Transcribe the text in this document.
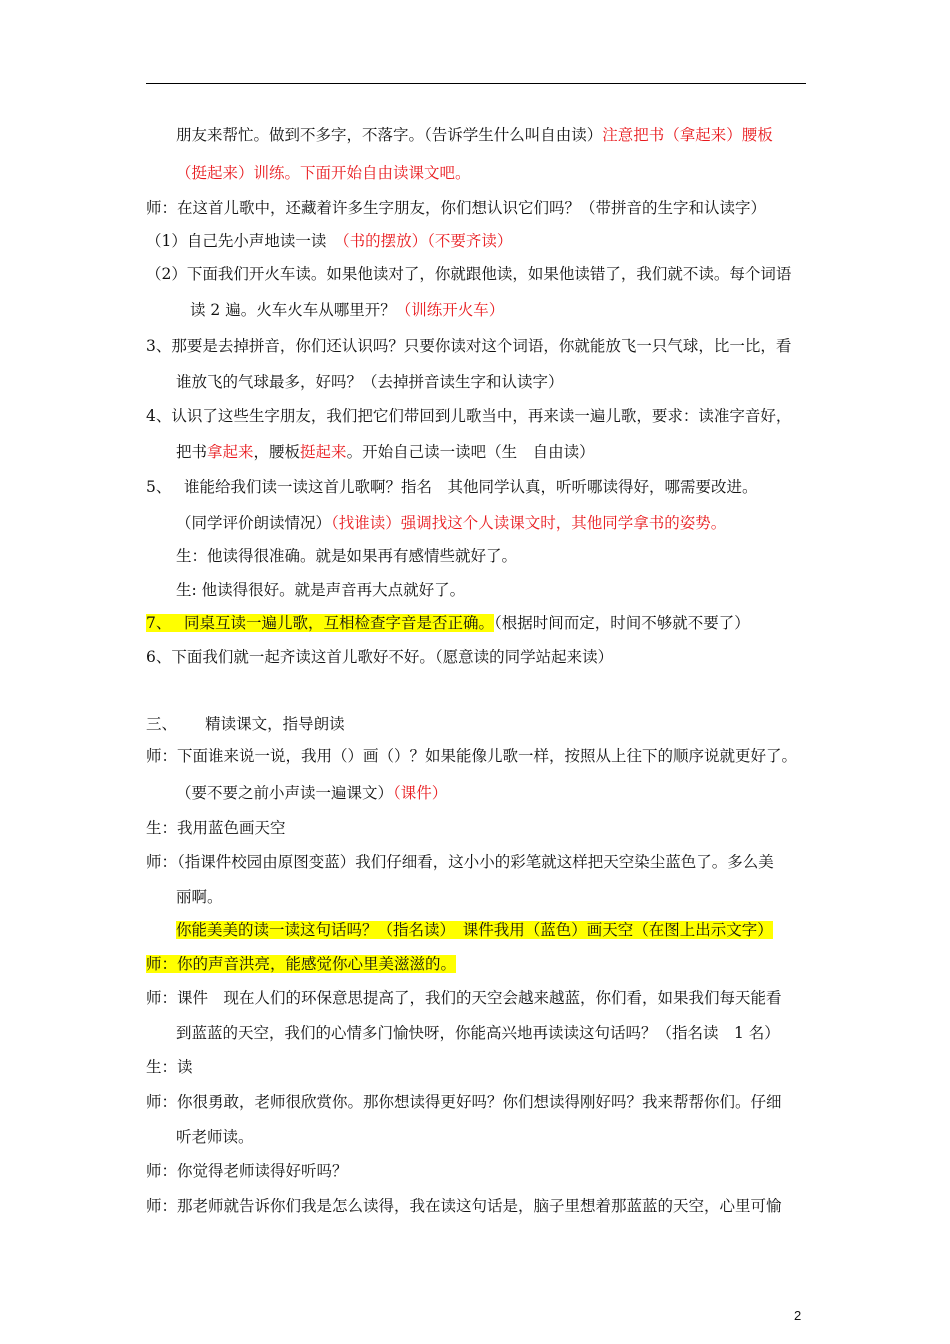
朋友来帮忙。做到不多字，不落字。（告诉学生什么叫自由读）注意把书（拿起来）腰板
（挺起来）训练。下面开始自由读课文吧。
师：在这首儿歌中，还藏着许多生字朋友，你们想认识它们吗？（带拼音的生字和认读字）
（1）自己先小声地读一读　（书的摆放）（不要齐读）
（2）下面我们开火车读。如果他读对了，你就跟他读，如果他读错了，我们就不读。每个词语
读 2 遍。火车火车从哪里开？（训练开火车）
3、那要是去掉拼音，你们还认识吗？只要你读对这个词语，你就能放飞一只气球，比一比，看
谁放飞的气球最多，好吗？（去掉拼音读生字和认读字）
4、认识了这些生字朋友，我们把它们带回到儿歌当中，再来读一遍儿歌，要求：读准字音好，
把书拿起来，腰板挺起来。开始自己读一读吧（生　自由读）
5、　 谁能给我们读一读这首儿歌啊？指名　其他同学认真，听听哪读得好，哪需要改进。
（同学评价朗读情况）（找谁读）强调找这个人读课文时，其他同学拿书的姿势。
生：他读得很准确。就是如果再有感情些就好了。
生: 他读得很好。就是声音再大点就好了。
7、　 同桌互读一遍儿歌，互相检查字音是否正确。（根据时间而定，时间不够就不要了）
6、下面我们就一起齐读这首儿歌好不好。（愿意读的同学站起来读）
三、　　 精读课文，指导朗读
师：下面谁来说一说，我用（）画（）？如果能像儿歌一样，按照从上往下的顺序说就更好了。
（要不要之前小声读一遍课文）（课件）
生：我用蓝色画天空
师：（指课件校园由原图变蓝）我们仔细看，这小小的彩笔就这样把天空染尘蓝色了。多么美
丽啊。
你能美美的读一读这句话吗？（指名读）　课件我用（蓝色）画天空（在图上出示文字）
师：你的声音洪亮，能感觉你心里美滋滋的。
师：课件　现在人们的环保意思提高了，我们的天空会越来越蓝，你们看，如果我们每天能看
到蓝蓝的天空，我们的心情多门愉快呀，你能高兴地再读读这句话吗？（指名读　1 名）
生：读
师：你很勇敢，老师很欣赏你。那你想读得更好吗？你们想读得刚好吗？我来帮帮你们。仔细
听老师读。
师：你觉得老师读得好听吗？
师：那老师就告诉你们我是怎么读得，我在读这句话是，脑子里想着那蓝蓝的天空，心里可愉
2
